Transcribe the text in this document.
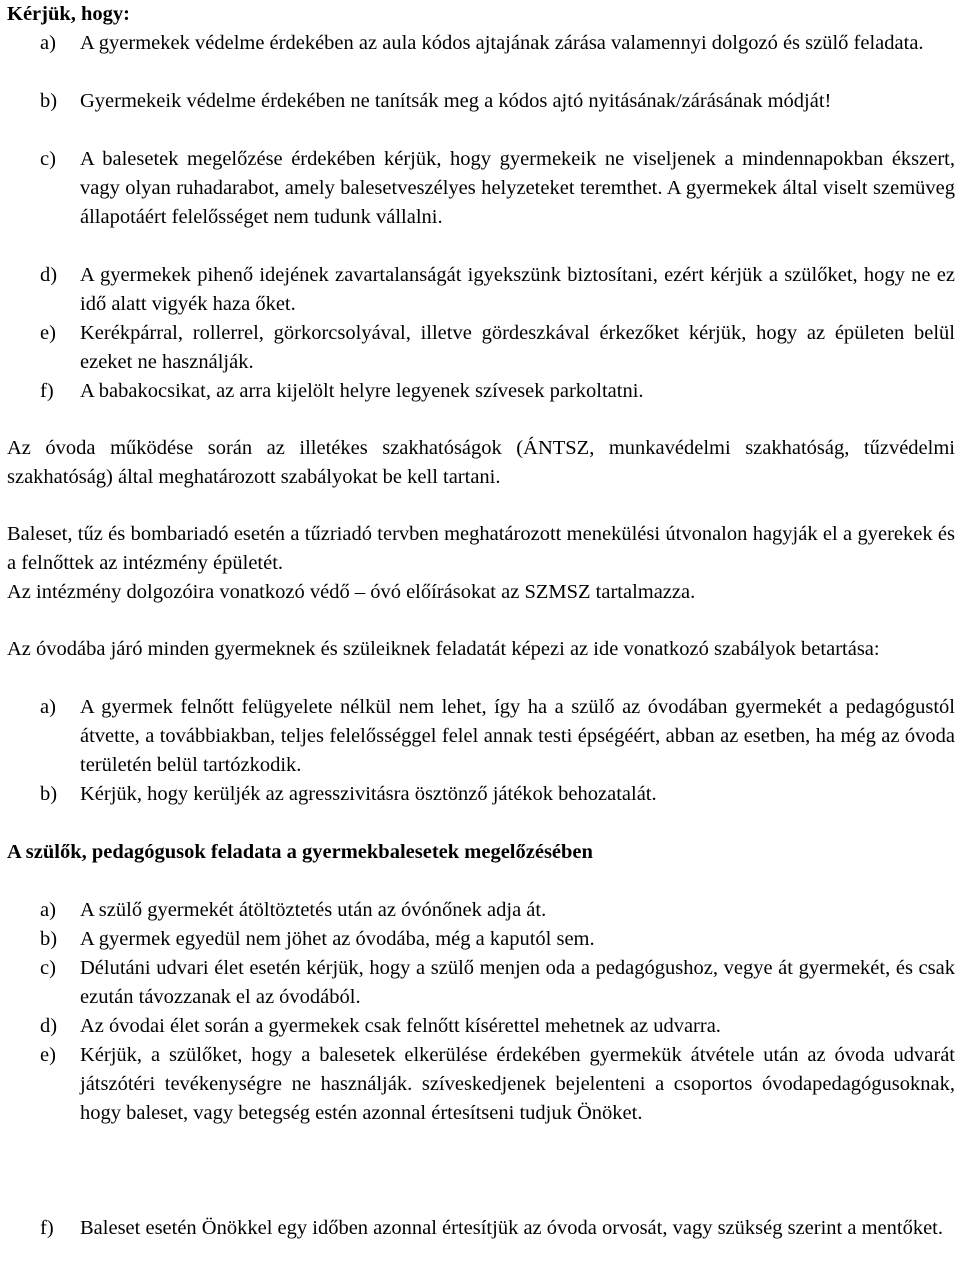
Kérjük, hogy:
a) A gyermekek védelme érdekében az aula kódos ajtajának zárása valamennyi dolgozó és szülő feladata.
b) Gyermekeik védelme érdekében ne tanítsák meg a kódos ajtó nyitásának/zárásának módját!
c) A balesetek megelőzése érdekében kérjük, hogy gyermekeik ne viseljenek a mindennapokban ékszert, vagy olyan ruhadarabot, amely balesetveszélyes helyzeteket teremthet. A gyermekek által viselt szemüveg állapotáért felelősséget nem tudunk vállalni.
d) A gyermekek pihenő idejének zavartalanságát igyekszünk biztosítani, ezért kérjük a szülőket, hogy ne ez idő alatt vigyék haza őket.
e) Kerékpárral, rollerrel, görkorcsolyával, illetve gördeszkával érkezőket kérjük, hogy az épületen belül ezeket ne használják.
f) A babakocsikat, az arra kijelölt helyre legyenek szívesek parkoltatni.
Az óvoda működése során az illetékes szakhatóságok (ÁNTSZ, munkavédelmi szakhatóság, tűzvédelmi szakhatóság) által meghatározott szabályokat be kell tartani.
Baleset, tűz és bombariadó esetén a tűzriadó tervben meghatározott menekülési útvonalon hagyják el a gyerekek és a felnőttek az intézmény épületét.
Az intézmény dolgozóira vonatkozó védő – óvó előírásokat az SZMSZ tartalmazza.
Az óvodába járó minden gyermeknek és szüleiknek feladatát képezi az ide vonatkozó szabályok betartása:
a) A gyermek felnőtt felügyelete nélkül nem lehet, így ha a szülő az óvodában gyermekét a pedagógustól átvette, a továbbiakban, teljes felelősséggel felel annak testi épségéért, abban az esetben, ha még az óvoda területén belül tartózkodik.
b) Kérjük, hogy kerüljék az agresszivitásra ösztönző játékok behozatalát.
A szülők, pedagógusok feladata a gyermekbalesetek megelőzésében
a) A szülő gyermekét átöltöztetés után az óvónőnek adja át.
b) A gyermek egyedül nem jöhet az óvodába, még a kaputól sem.
c) Délutáni udvari élet esetén kérjük, hogy a szülő menjen oda a pedagógushoz, vegye át gyermekét, és csak ezután távozzanak el az óvodából.
d) Az óvodai élet során a gyermekek csak felnőtt kísérettel mehetnek az udvarra.
e) Kérjük, a szülőket, hogy a balesetek elkerülése érdekében gyermekük átvétele után az óvoda udvarát játszótéri tevékenységre ne használják. szíveskedjenek bejelenteni a csoportos óvodapedagógusoknak, hogy baleset, vagy betegség estén azonnal értesítseni tudjuk Önöket.
f) Baleset esetén Önökkel egy időben azonnal értesítjük az óvoda orvosát, vagy szükség szerint a mentőket.
